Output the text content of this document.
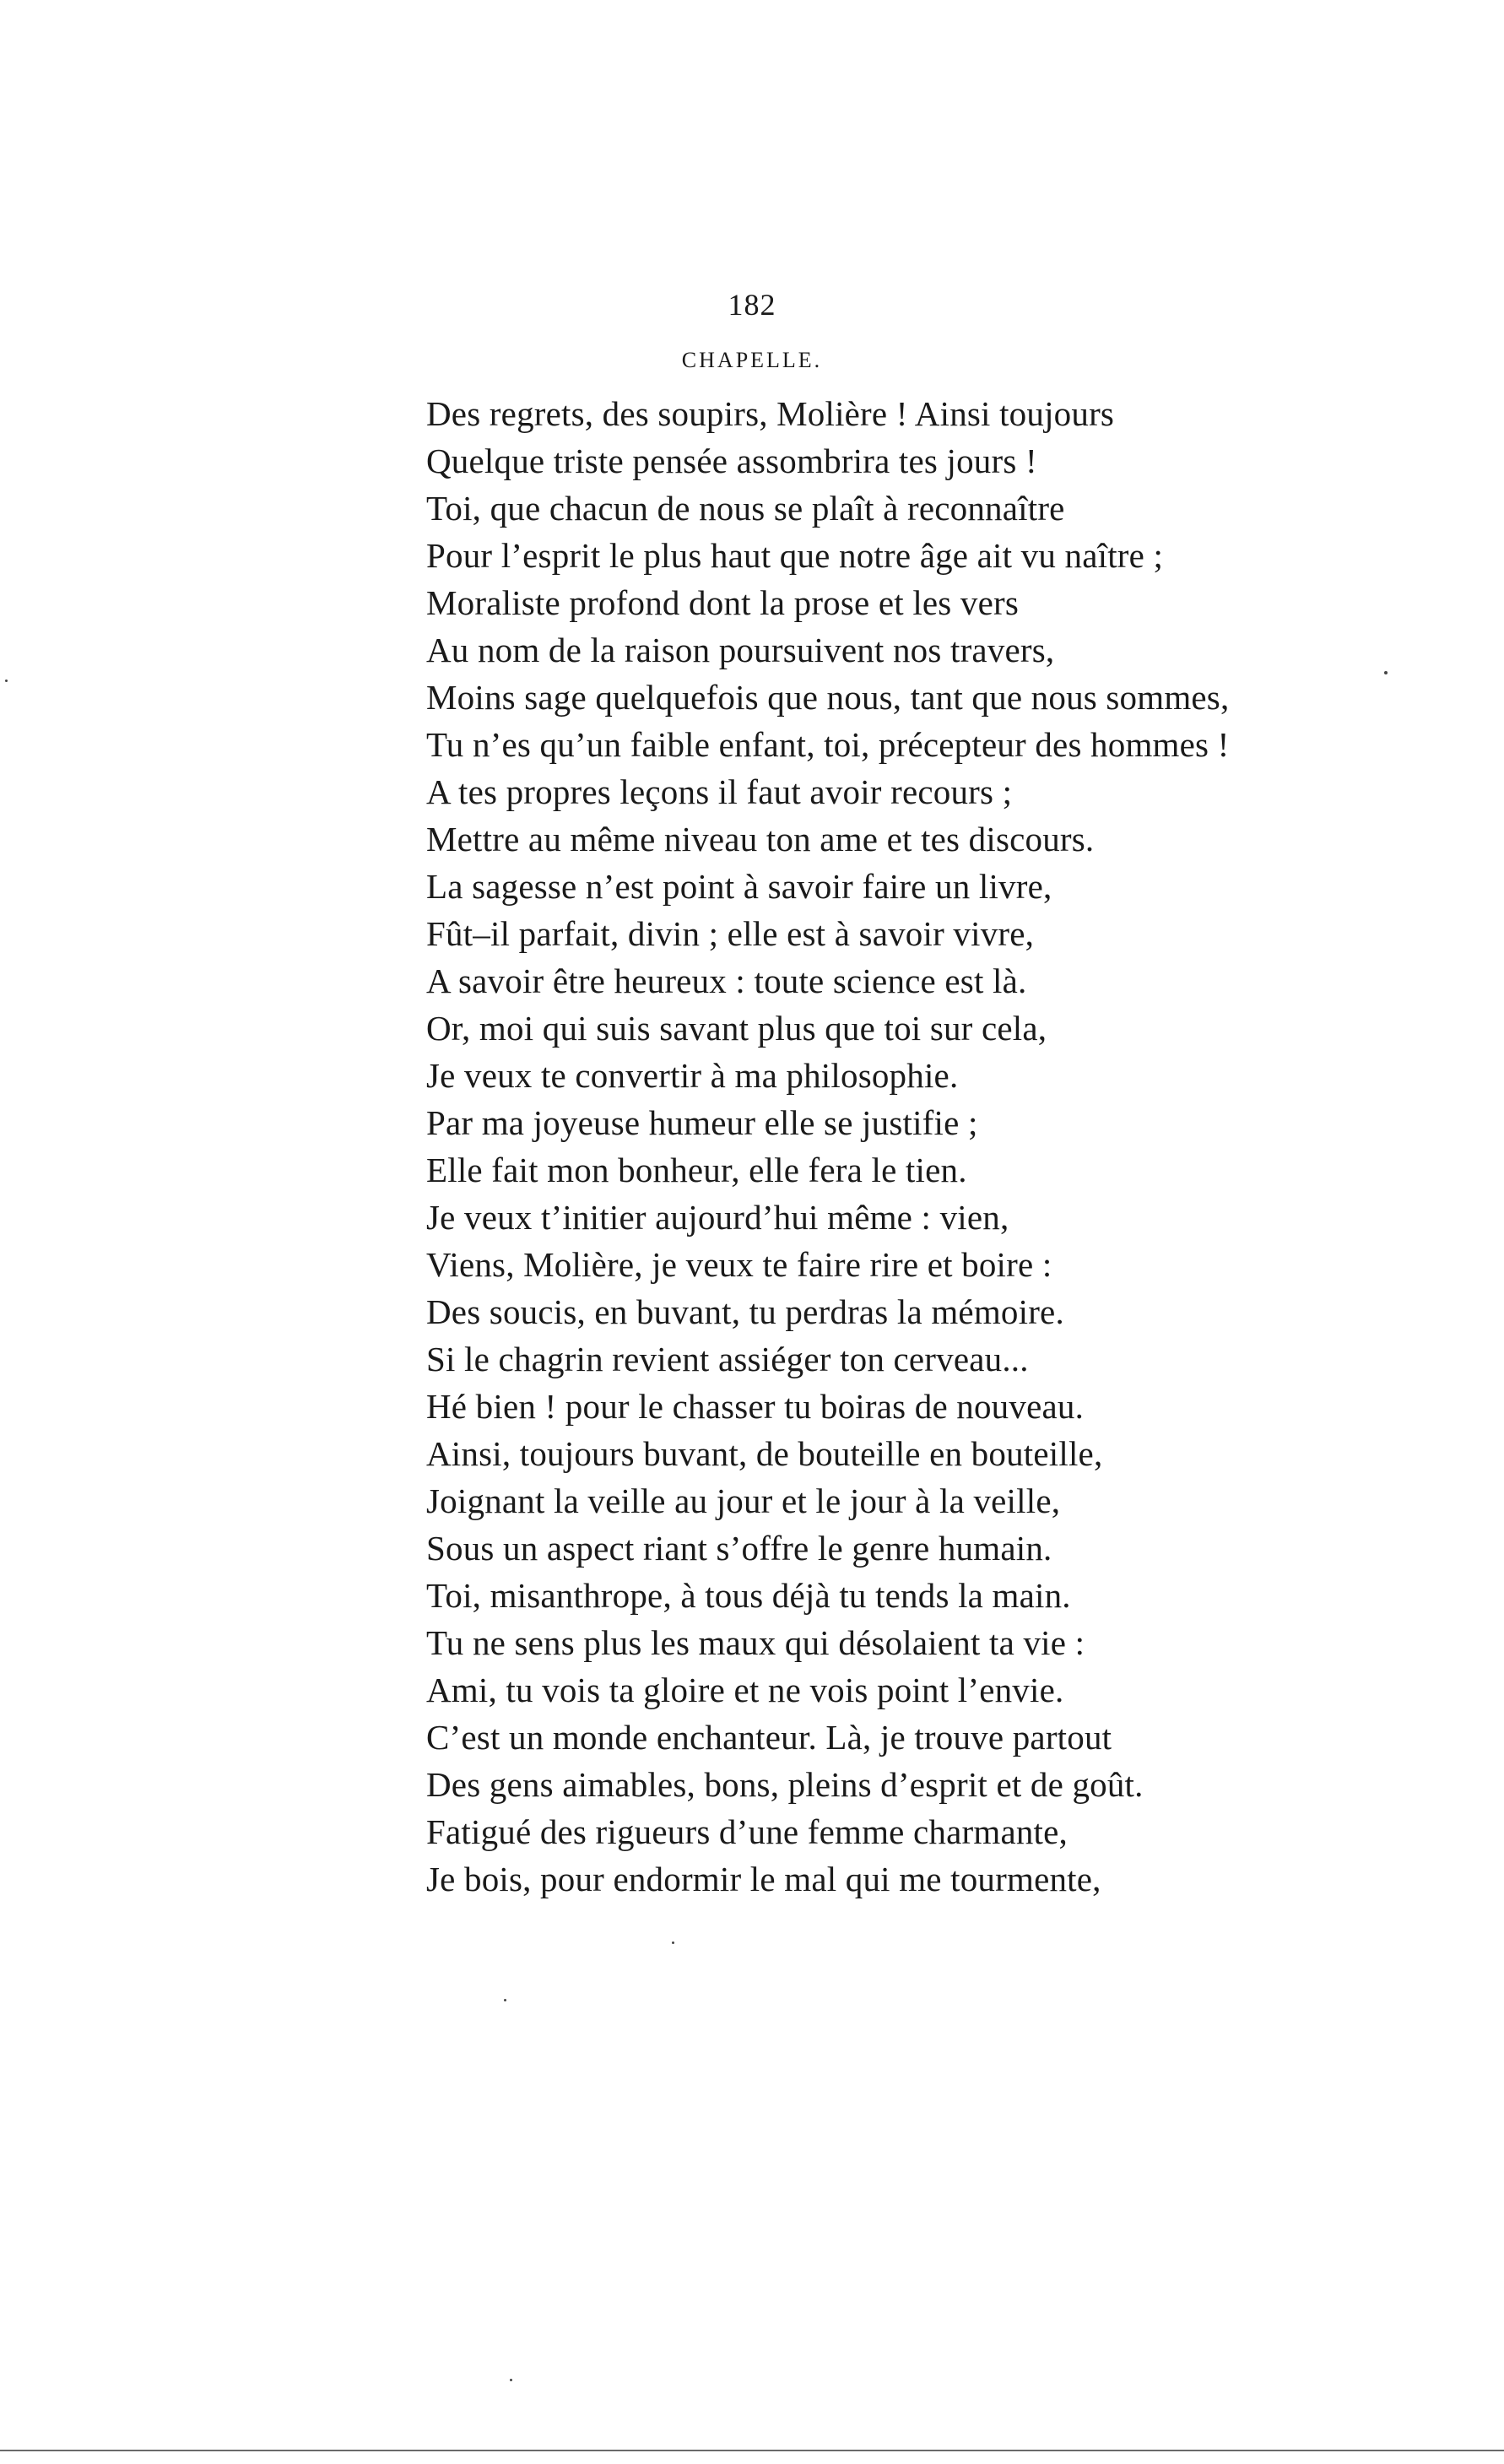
182
CHAPELLE.
Des regrets, des soupirs, Molière ! Ainsi toujours
Quelque triste pensée assombrira tes jours !
Toi, que chacun de nous se plaît à reconnaître
Pour l’esprit le plus haut que notre âge ait vu naître ;
Moraliste profond dont la prose et les vers
Au nom de la raison poursuivent nos travers,
Moins sage quelquefois que nous, tant que nous sommes,
Tu n’es qu’un faible enfant, toi, précepteur des hommes !
A tes propres leçons il faut avoir recours ;
Mettre au même niveau ton ame et tes discours.
La sagesse n’est point à savoir faire un livre,
Fût–il parfait, divin ; elle est à savoir vivre,
A savoir être heureux : toute science est là.
Or, moi qui suis savant plus que toi sur cela,
Je veux te convertir à ma philosophie.
Par ma joyeuse humeur elle se justifie ;
Elle fait mon bonheur, elle fera le tien.
Je veux t’initier aujourd’hui même : vien,
Viens, Molière, je veux te faire rire et boire :
Des soucis, en buvant, tu perdras la mémoire.
Si le chagrin revient assiéger ton cerveau...
Hé bien ! pour le chasser tu boiras de nouveau.
Ainsi, toujours buvant, de bouteille en bouteille,
Joignant la veille au jour et le jour à la veille,
Sous un aspect riant s’offre le genre humain.
Toi, misanthrope, à tous déjà tu tends la main.
Tu ne sens plus les maux qui désolaient ta vie :
Ami, tu vois ta gloire et ne vois point l’envie.
C’est un monde enchanteur. Là, je trouve partout
Des gens aimables, bons, pleins d’esprit et de goût.
Fatigué des rigueurs d’une femme charmante,
Je bois, pour endormir le mal qui me tourmente,
